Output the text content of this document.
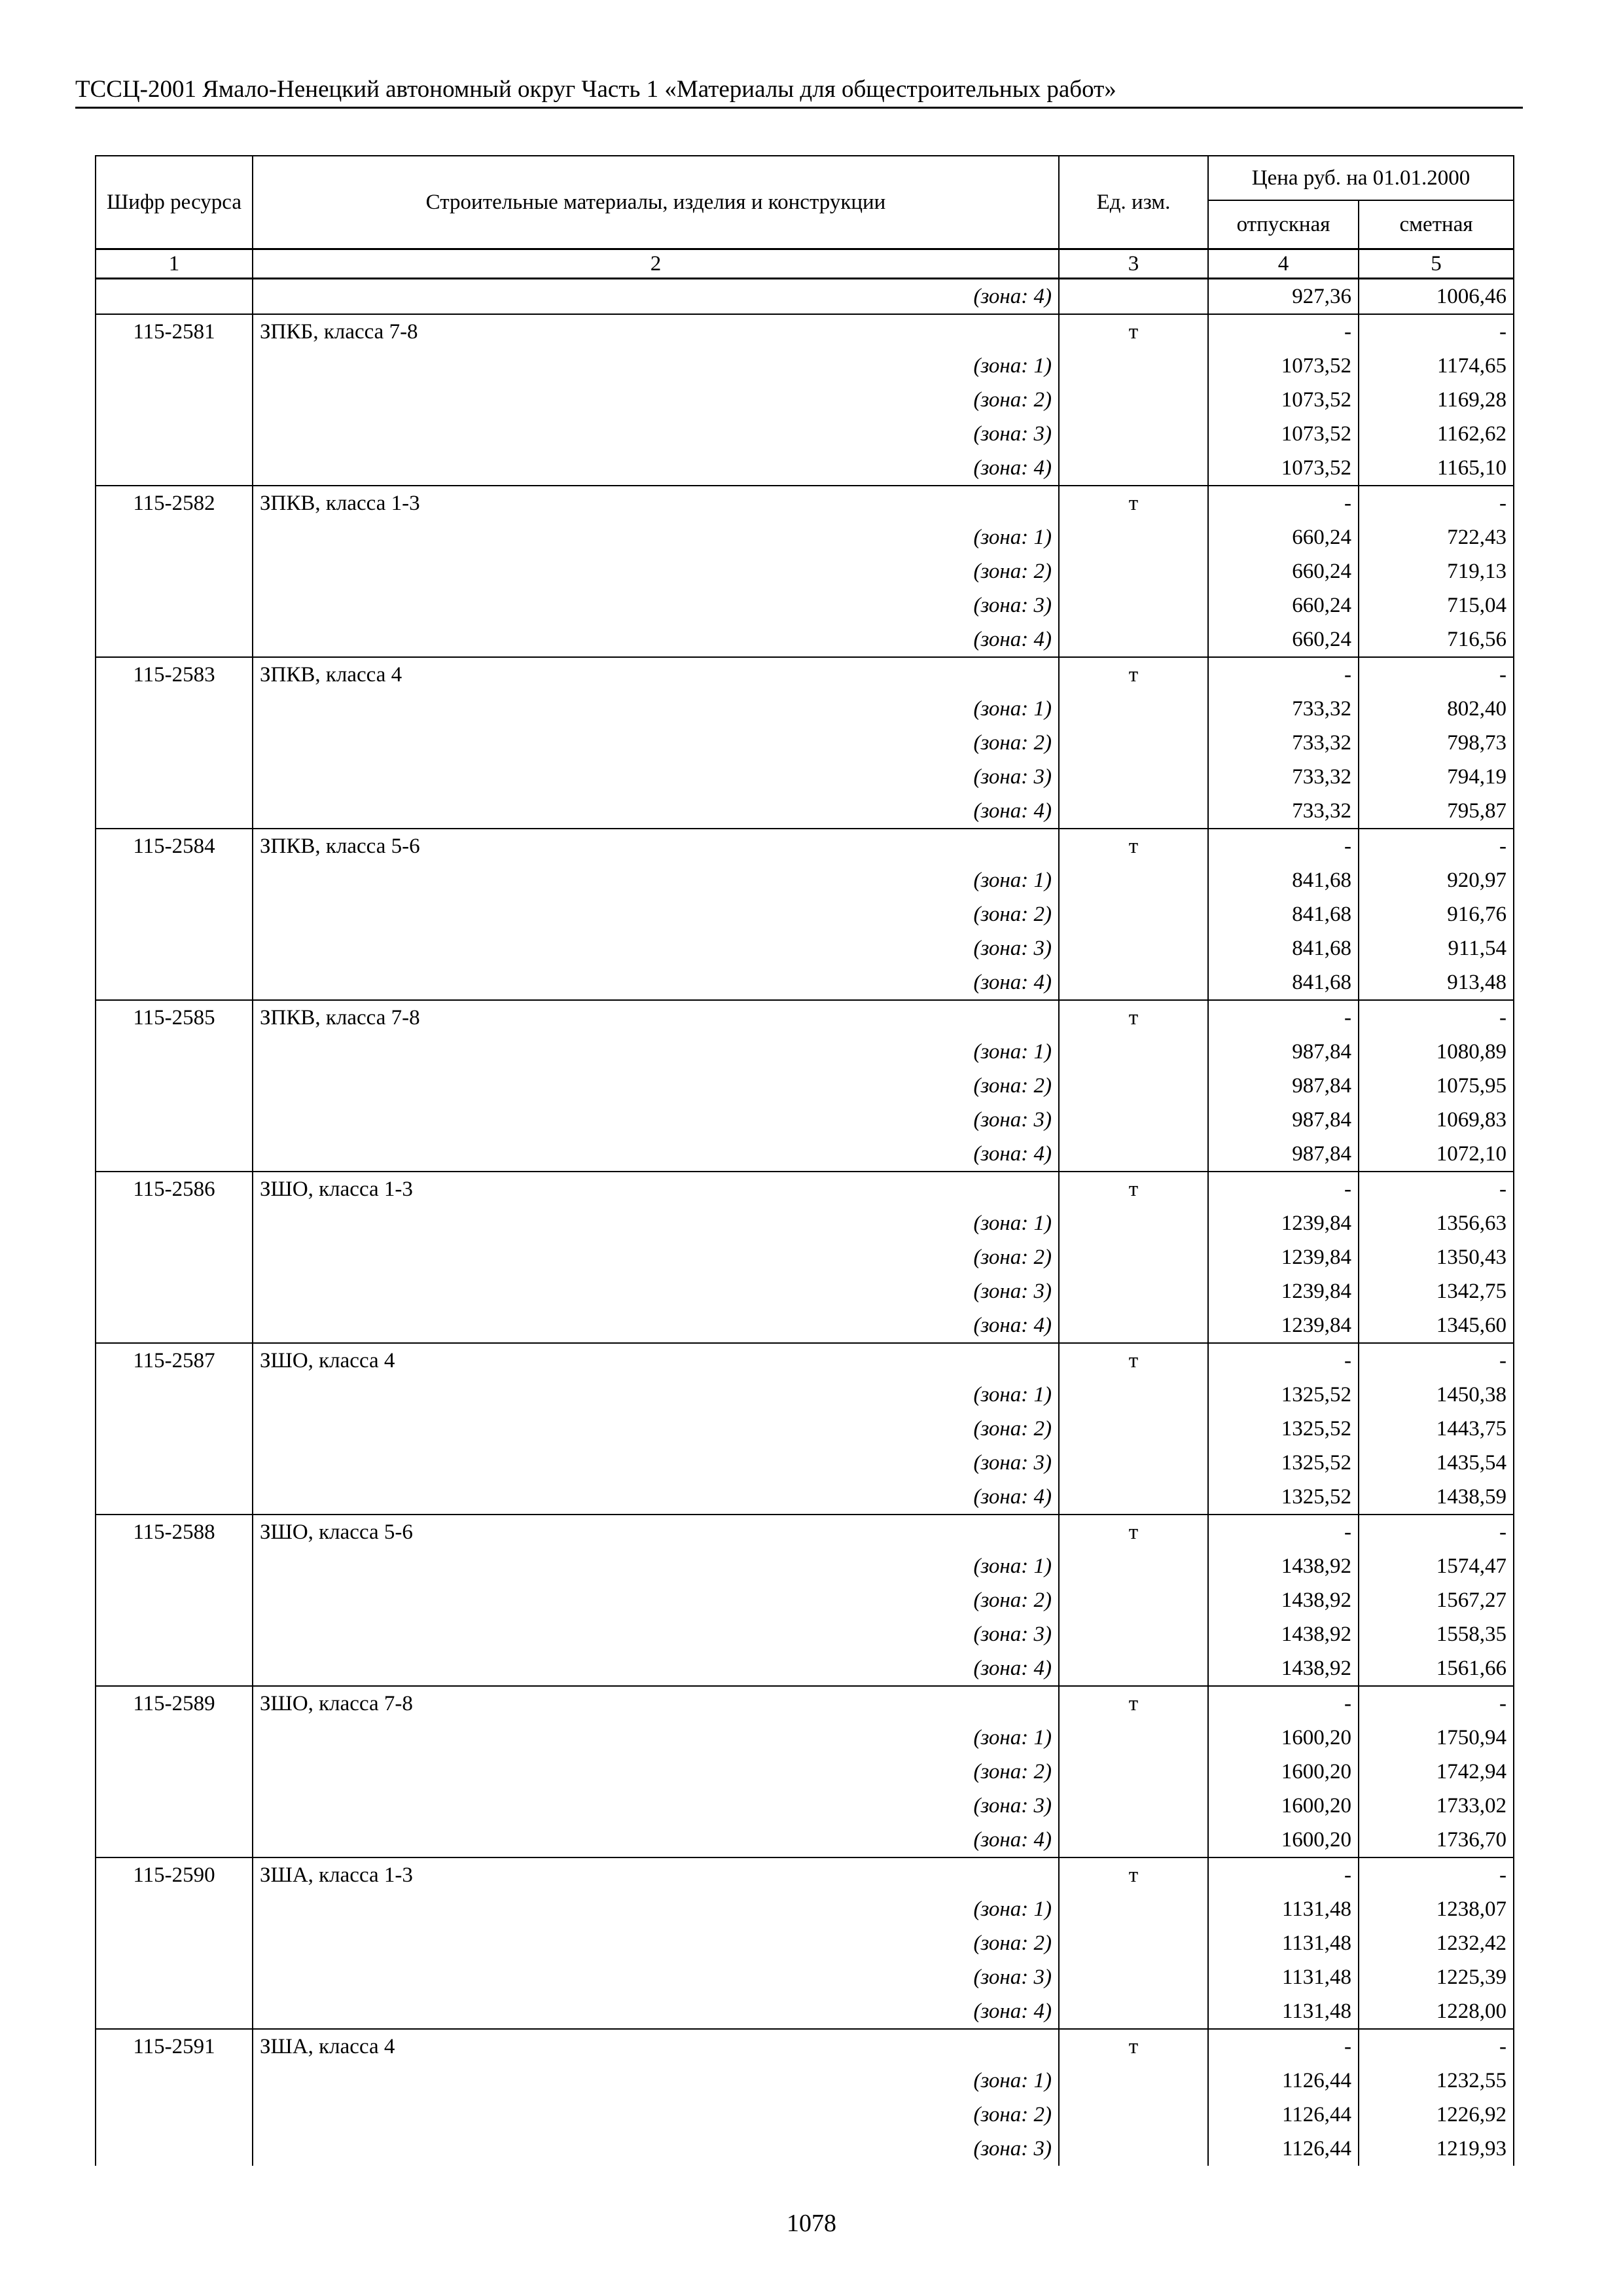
ТССЦ-2001 Ямало-Ненецкий автономный округ Часть 1 «Материалы для общестроительных работ»
Шифр ресурса	Строительные материалы, изделия и конструкции	Ед. изм.	Цена руб. на 01.01.2000	
			отпускная	сметная
1	2	3	4	5
	(зона: 4)		927,36	1006,46
115-2581	ЗПКБ, класса 7-8	т	-	-
	(зона: 1)		1073,52	1174,65
	(зона: 2)		1073,52	1169,28
	(зона: 3)		1073,52	1162,62
	(зона: 4)		1073,52	1165,10
115-2582	ЗПКВ, класса 1-3	т	-	-
	(зона: 1)		660,24	722,43
	(зона: 2)		660,24	719,13
	(зона: 3)		660,24	715,04
	(зона: 4)		660,24	716,56
115-2583	ЗПКВ, класса 4	т	-	-
	(зона: 1)		733,32	802,40
	(зона: 2)		733,32	798,73
	(зона: 3)		733,32	794,19
	(зона: 4)		733,32	795,87
115-2584	ЗПКВ, класса 5-6	т	-	-
	(зона: 1)		841,68	920,97
	(зона: 2)		841,68	916,76
	(зона: 3)		841,68	911,54
	(зона: 4)		841,68	913,48
115-2585	ЗПКВ, класса 7-8	т	-	-
	(зона: 1)		987,84	1080,89
	(зона: 2)		987,84	1075,95
	(зона: 3)		987,84	1069,83
	(зона: 4)		987,84	1072,10
115-2586	ЗШО, класса 1-3	т	-	-
	(зона: 1)		1239,84	1356,63
	(зона: 2)		1239,84	1350,43
	(зона: 3)		1239,84	1342,75
	(зона: 4)		1239,84	1345,60
115-2587	ЗШО, класса 4	т	-	-
	(зона: 1)		1325,52	1450,38
	(зона: 2)		1325,52	1443,75
	(зона: 3)		1325,52	1435,54
	(зона: 4)		1325,52	1438,59
115-2588	ЗШО, класса 5-6	т	-	-
	(зона: 1)		1438,92	1574,47
	(зона: 2)		1438,92	1567,27
	(зона: 3)		1438,92	1558,35
	(зона: 4)		1438,92	1561,66
115-2589	ЗШО, класса 7-8	т	-	-
	(зона: 1)		1600,20	1750,94
	(зона: 2)		1600,20	1742,94
	(зона: 3)		1600,20	1733,02
	(зона: 4)		1600,20	1736,70
115-2590	ЗША, класса 1-3	т	-	-
	(зона: 1)		1131,48	1238,07
	(зона: 2)		1131,48	1232,42
	(зона: 3)		1131,48	1225,39
	(зона: 4)		1131,48	1228,00
115-2591	ЗША, класса 4	т	-	-
	(зона: 1)		1126,44	1232,55
	(зона: 2)		1126,44	1226,92
	(зона: 3)		1126,44	1219,93
1078
